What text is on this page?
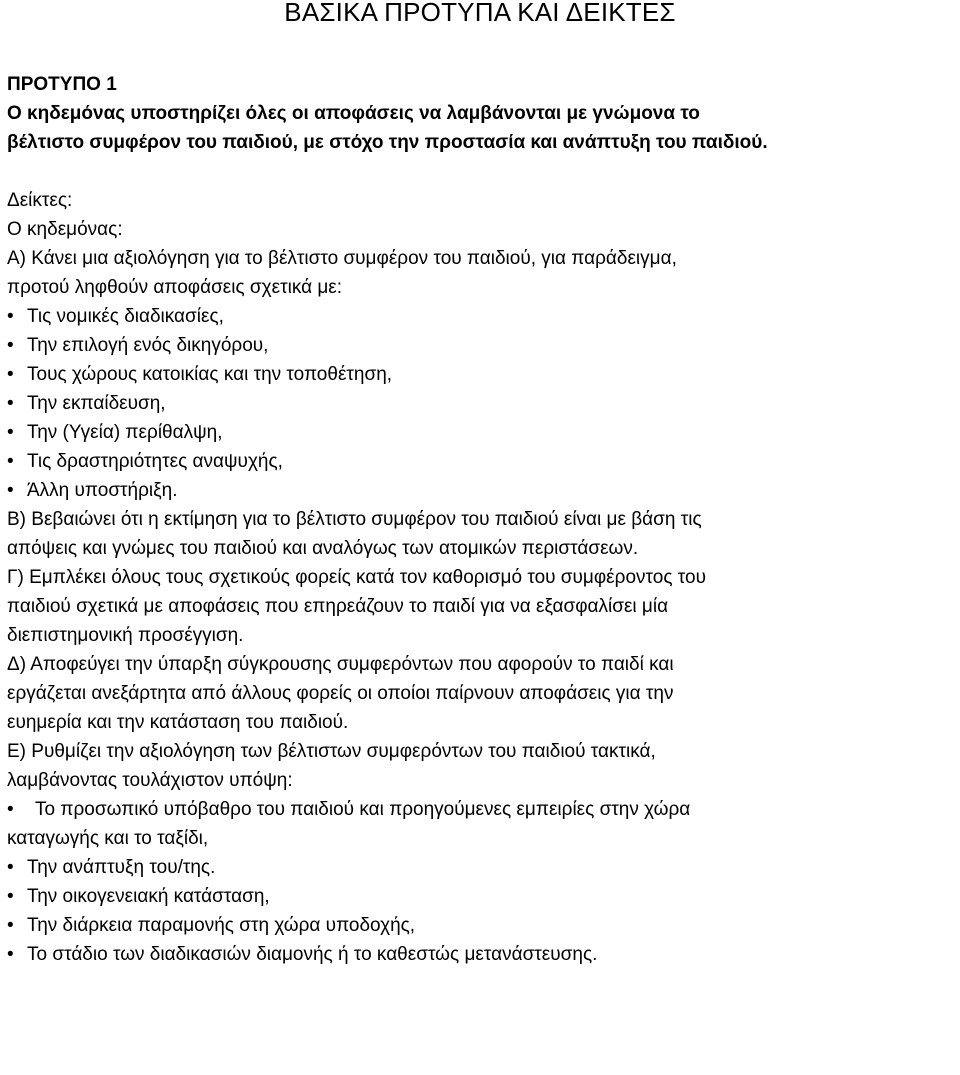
ΒΑΣΙΚΑ ΠΡΟΤΥΠΑ ΚΑΙ ΔΕΙΚΤΕΣ

ΠΡΟΤΥΠΟ 1

Ο κηδεμόνας υποστηρίζει όλες οι αποφάσεις να λαμβάνονται με γνώμονα το

βέλτιστο συμφέρον του παιδιού, με στόχο την προστασία και ανάπτυξη του παιδιού.

Δείκτες:

Ο κηδεμόνας:

Α) Κάνει μια αξιολόγηση για το βέλτιστο συμφέρον του παιδιού, για παράδειγμα,

προτού ληφθούν αποφάσεις σχετικά με:

• Τις νομικές διαδικασίες,
• Την επιλογή ενός δικηγόρου,
• Τους χώρους κατοικίας και την τοποθέτηση,
• Την εκπαίδευση,
• Την (Υγεία) περίθαλψη,
• Τις δραστηριότητες αναψυχής,
• Άλλη υποστήριξη.

Β) Βεβαιώνει ότι η εκτίμηση για το βέλτιστο συμφέρον του παιδιού είναι με βάση τις

απόψεις και γνώμες του παιδιού και αναλόγως των ατομικών περιστάσεων.

Γ) Εμπλέκει όλους τους σχετικούς φορείς κατά τον καθορισμό του συμφέροντος του

παιδιού σχετικά με αποφάσεις που επηρεάζουν το παιδί για να εξασφαλίσει μία

διεπιστημονική προσέγγιση.

Δ) Αποφεύγει την ύπαρξη σύγκρουσης συμφερόντων που αφορούν το παιδί και

εργάζεται ανεξάρτητα από άλλους φορείς οι οποίοι παίρνουν αποφάσεις για την

ευημερία και την κατάσταση του παιδιού.

Ε) Ρυθμίζει την αξιολόγηση των βέλτιστων συμφερόντων του παιδιού τακτικά,

λαμβάνοντας τουλάχιστον υπόψη:

•	Το προσωπικό υπόβαθρο του παιδιού και προηγούμενες εμπειρίες στην χώρα

καταγωγής και το ταξίδι,

• Την ανάπτυξη του/της.
• Την οικογενειακή κατάσταση,
• Την διάρκεια παραμονής στη χώρα υποδοχής,
• Το στάδιο των διαδικασιών διαμονής ή το καθεστώς μετανάστευσης.
